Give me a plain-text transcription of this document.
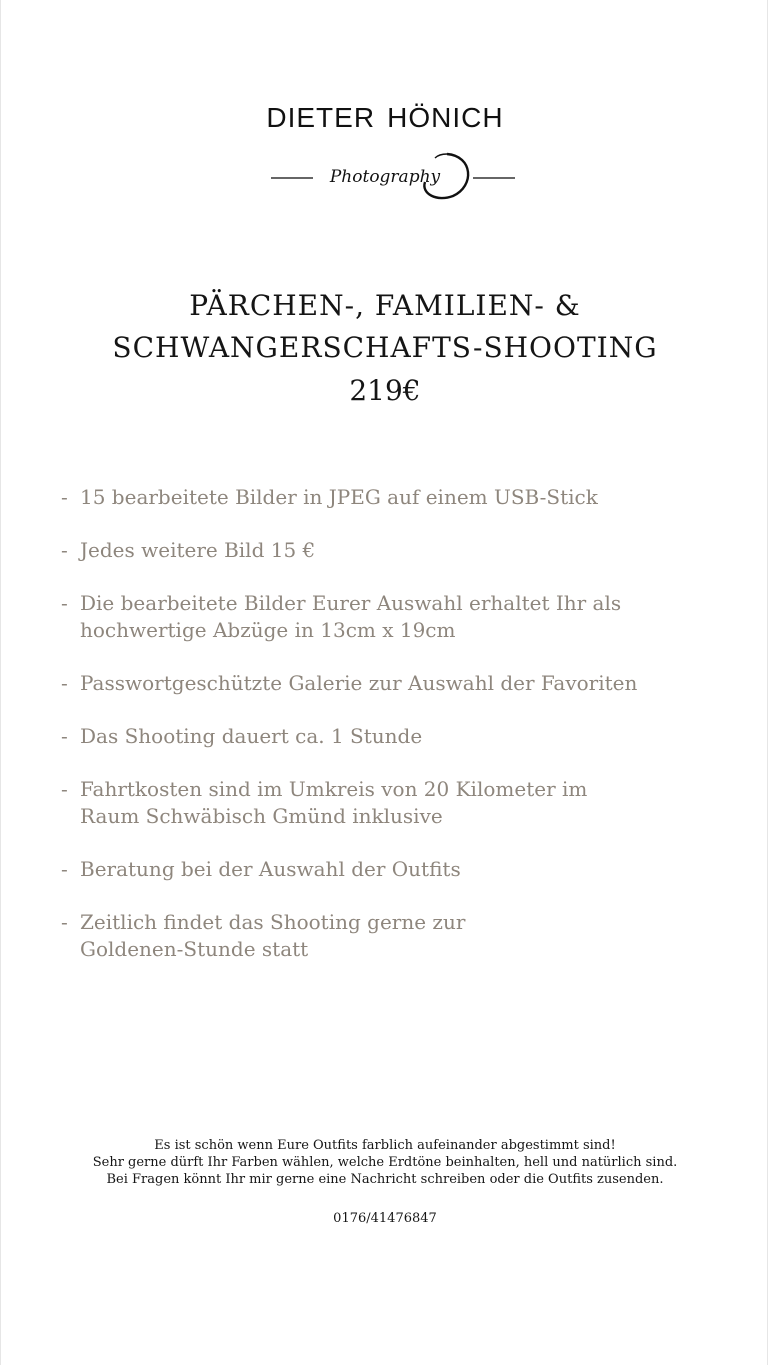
dieter hönich
Photography
PÄRCHEN-, FAMILIEN- &
SCHWANGERSCHAFTS-SHOOTING
219€
- 15 bearbeitete Bilder in JPEG auf einem USB-Stick
- Jedes weitere Bild 15 €
- Die bearbeitete Bilder Eurer Auswahl erhaltet Ihr als hochwertige Abzüge in 13cm x 19cm
- Passwortgeschützte Galerie zur Auswahl der Favoriten
- Das Shooting dauert ca. 1 Stunde
- Fahrtkosten sind im Umkreis von 20 Kilometer im Raum Schwäbisch Gmünd inklusive
- Beratung bei der Auswahl der Outfits
- Zeitlich findet das Shooting gerne zur Goldenen-Stunde statt

Es ist schön wenn Eure Outfits farblich aufeinander abgestimmt sind!

Sehr gerne dürft Ihr Farben wählen, welche Erdtöne beinhalten, hell und natürlich sind.

Bei Fragen könnt Ihr mir gerne eine Nachricht schreiben oder die Outfits zusenden.

0176/41476847
